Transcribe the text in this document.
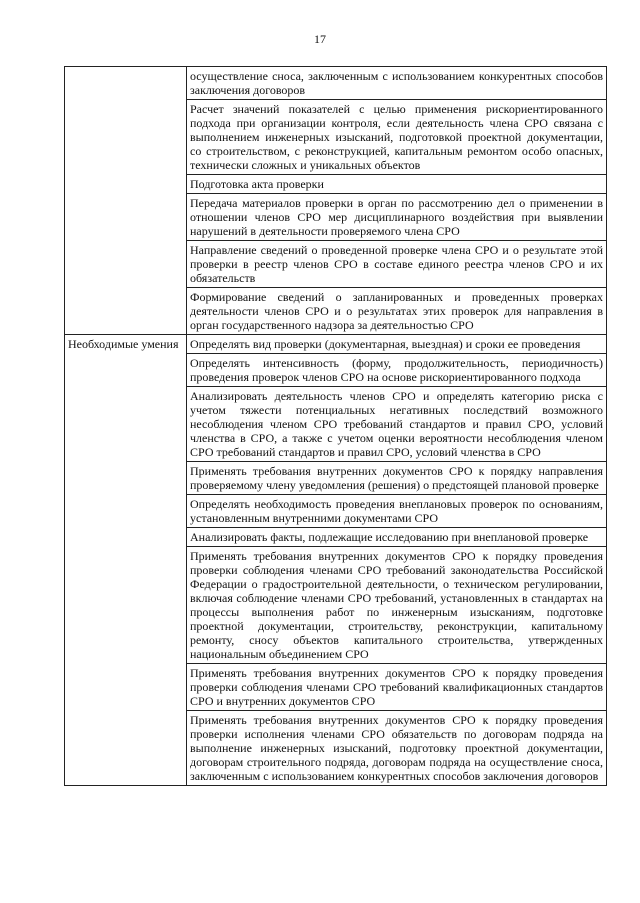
17
	осуществление сноса, заключенным с использованием конкурентных способов заключения договоров
	Расчет значений показателей с целью применения рискориентированного подхода при организации контроля, если деятельность члена СРО связана с выполнением инженерных изысканий, подготовкой проектной документации, со строительством, с реконструкцией, капитальным ремонтом особо опасных, технически сложных и уникальных объектов
	Подготовка акта проверки
	Передача материалов проверки в орган по рассмотрению дел о применении в отношении членов СРО мер дисциплинарного воздействия при выявлении нарушений в деятельности проверяемого члена СРО
	Направление сведений о проведенной проверке члена СРО и о результате этой проверки в реестр членов СРО в составе единого реестра членов СРО и их обязательств
	Формирование сведений о запланированных и проведенных проверках деятельности членов СРО и о результатах этих проверок для направления в орган государственного надзора за деятельностью СРО
Необходимые умения	Определять вид проверки (документарная, выездная) и сроки ее проведения
	Определять интенсивность (форму, продолжительность, периодичность) проведения проверок членов СРО на основе рискориентированного подхода
	Анализировать деятельность членов СРО и определять категорию риска с учетом тяжести потенциальных негативных последствий возможного несоблюдения членом СРО требований стандартов и правил СРО, условий членства в СРО, а также с учетом оценки вероятности несоблюдения членом СРО требований стандартов и правил СРО, условий членства в СРО
	Применять требования внутренних документов СРО к порядку направления проверяемому члену уведомления (решения) о предстоящей плановой проверке
	Определять необходимость проведения внеплановых проверок по основаниям, установленным внутренними документами СРО
	Анализировать факты, подлежащие исследованию при внеплановой проверке
	Применять требования внутренних документов СРО к порядку проведения проверки соблюдения членами СРО требований законодательства Российской Федерации о градостроительной деятельности, о техническом регулировании, включая соблюдение членами СРО требований, установленных в стандартах на процессы выполнения работ по инженерным изысканиям, подготовке проектной документации, строительству, реконструкции, капитальному ремонту, сносу объектов капитального строительства, утвержденных национальным объединением СРО
	Применять требования внутренних документов СРО к порядку проведения проверки соблюдения членами СРО требований квалификационных стандартов СРО и внутренних документов СРО
	Применять требования внутренних документов СРО к порядку проведения проверки исполнения членами СРО обязательств по договорам подряда на выполнение инженерных изысканий, подготовку проектной документации, договорам строительного подряда, договорам подряда на осуществление сноса, заключенным с использованием конкурентных способов заключения договоров
